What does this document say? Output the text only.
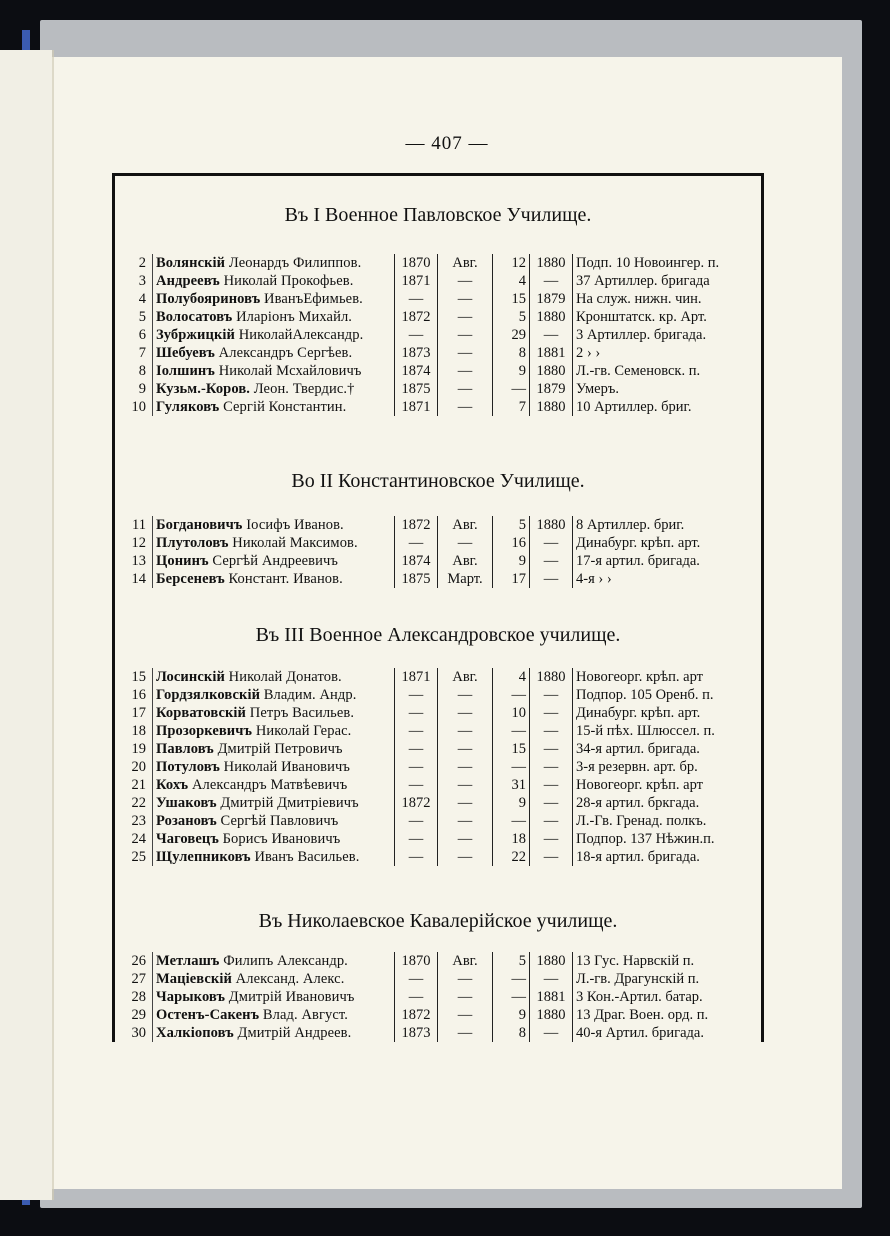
— 407 —
Въ I Военное Павловское Училище.
2	Волянскій Леонардъ Филиппов.	1870	Авг.	12	1880	Подп. 10 Новоингер. п.
3	Андреевъ Николай Прокофьев.	1871	—	4	—	37 Артиллер. бригада
4	Полубояриновъ ИванъЕфимьев.	—	—	15	1879	На служ. нижн. чин.
5	Волосатовъ Иларіонъ Михайл.	1872	—	5	1880	Кронштатск. кр. Арт.
6	Зубржицкій НиколайАлександр.	—	—	29	—	3 Артиллер. бригада.
7	Шебуевъ Александръ Сергѣев.	1873	—	8	1881	2 › ›
8	Іолшинъ Николай Мсхайловичъ	1874	—	9	1880	Л.-гв. Семеновск. п.
9	Кузьм.-Коров. Леон. Твердис.†	1875	—	—	1879	Умеръ.
10	Гуляковъ Сергій Константин.	1871	—	7	1880	10 Артиллер. бриг.
Во II Константиновское Училище.
11	Богдановичъ Іосифъ Иванов.	1872	Авг.	5	1880	8 Артиллер. бриг.
12	Плутоловъ Николай Максимов.	—	—	16	—	Динабург. крѣп. арт.
13	Цонинъ Сергѣй Андреевичъ	1874	Авг.	9	—	17-я артил. бригада.
14	Берсеневъ Констант. Иванов.	1875	Март.	17	—	4-я › ›
Въ III Военное Александровское училище.
15	Лосинскій Николай Донатов.	1871	Авг.	4	1880	Новогеорг. крѣп. арт
16	Гордзялковскій Владим. Андр.	—	—	—	—	Подпор. 105 Оренб. п.
17	Корватовскій Петръ Васильев.	—	—	10	—	Динабург. крѣп. арт.
18	Прозоркевичъ Николай Герас.	—	—	—	—	15-й пѣх. Шлюссел. п.
19	Павловъ Дмитрій Петровичъ	—	—	15	—	34-я артил. бригада.
20	Потуловъ Николай Ивановичъ	—	—	—	—	3-я резервн. арт. бр.
21	Кохъ Александръ Матвѣевичъ	—	—	31	—	Новогеорг. крѣп. арт
22	Ушаковъ Дмитрій Дмитріевичъ	1872	—	9	—	28-я артил. бркгада.
23	Розановъ Сергѣй Павловичъ	—	—	—	—	Л.-Гв. Гренад. полкъ.
24	Чаговецъ Борисъ Ивановичъ	—	—	18	—	Подпор. 137 Нѣжин.п.
25	Щулепниковъ Иванъ Васильев.	—	—	22	—	18-я артил. бригада.
Въ Николаевское Кавалерійское училище.
26	Метлашъ Филипъ Александр.	1870	Авг.	5	1880	13 Гус. Нарвскій п.
27	Маціевскій Александ. Алекс.	—	—	—	—	Л.-гв. Драгунскій п.
28	Чарыковъ Дмитрій Ивановичъ	—	—	—	1881	3 Кон.-Артил. батар.
29	Остенъ-Сакенъ Влад. Август.	1872	—	9	1880	13 Драг. Воен. орд. п.
30	Халкіоповъ Дмитрій Андреев.	1873	—	8	—	40-я Артил. бригада.
